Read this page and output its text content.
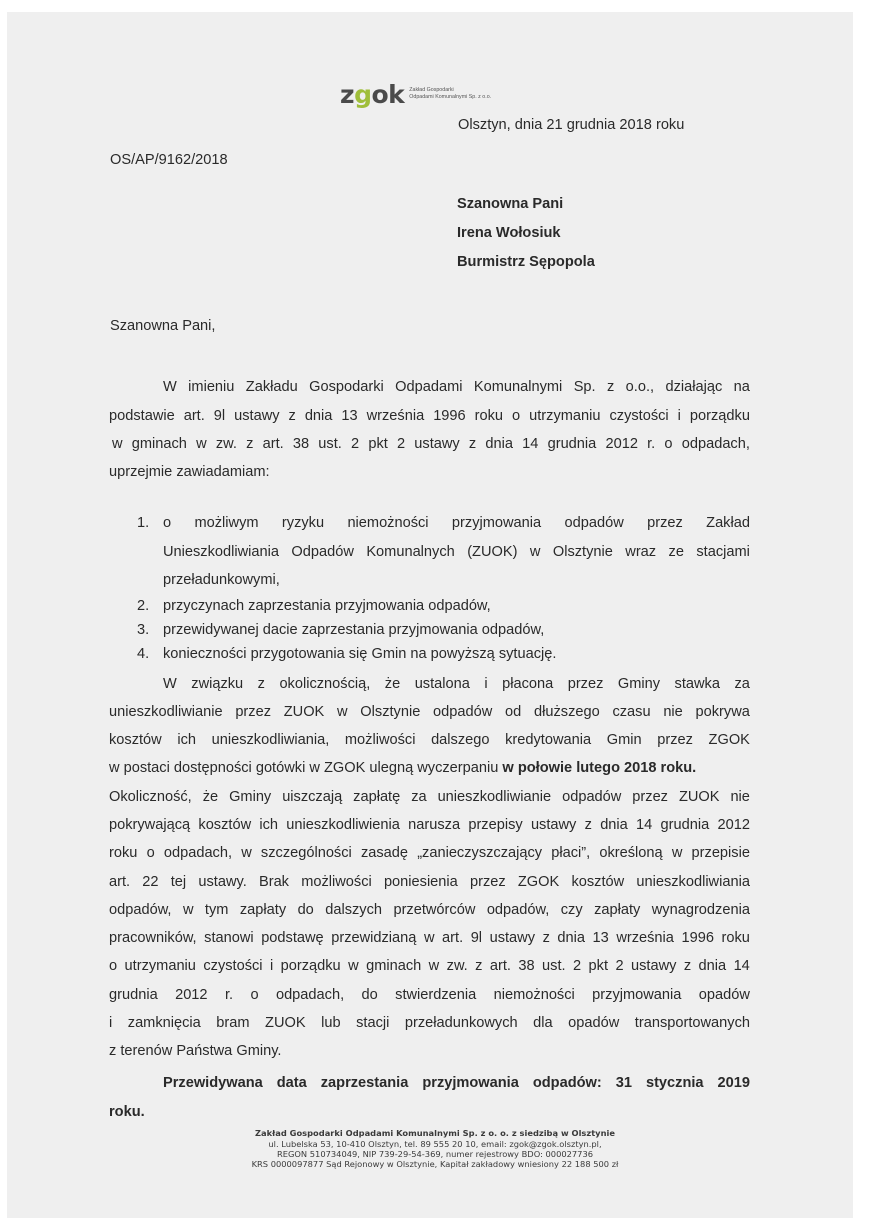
zgok Zakład Gospodarki
Odpadami Komunalnymi Sp. z o.o.
Olsztyn, dnia 21 grudnia 2018 roku
OS/AP/9162/2018
Szanowna Pani
Irena Wołosiuk
Burmistrz Sępopola
Szanowna Pani,
W imieniu Zakładu Gospodarki Odpadami Komunalnymi Sp. z o.o., działając na
podstawie art. 9l ustawy z dnia 13 września 1996 roku o utrzymaniu czystości i porządku
w gminach w zw. z art. 38 ust. 2 pkt 2 ustawy z dnia 14 grudnia 2012 r. o odpadach,
uprzejmie zawiadamiam:
1. o możliwym ryzyku niemożności przyjmowania odpadów przez Zakład
Unieszkodliwiania Odpadów Komunalnych (ZUOK) w Olsztynie wraz ze stacjami
przeładunkowymi,
2. przyczynach zaprzestania przyjmowania odpadów,
3. przewidywanej dacie zaprzestania przyjmowania odpadów,
4. konieczności przygotowania się Gmin na powyższą sytuację.
W związku z okolicznością, że ustalona i płacona przez Gminy stawka za
unieszkodliwianie przez ZUOK w Olsztynie odpadów od dłuższego czasu nie pokrywa
kosztów ich unieszkodliwiania, możliwości dalszego kredytowania Gmin przez ZGOK
w postaci dostępności gotówki w ZGOK ulegną wyczerpaniu w połowie lutego 2018 roku.
Okoliczność, że Gminy uiszczają zapłatę za unieszkodliwianie odpadów przez ZUOK nie
pokrywającą kosztów ich unieszkodliwienia narusza przepisy ustawy z dnia 14 grudnia 2012
roku o odpadach, w szczególności zasadę „zanieczyszczający płaci”, określoną w przepisie
art. 22 tej ustawy. Brak możliwości poniesienia przez ZGOK kosztów unieszkodliwiania
odpadów, w tym zapłaty do dalszych przetwórców odpadów, czy zapłaty wynagrodzenia
pracowników, stanowi podstawę przewidzianą w art. 9l ustawy z dnia 13 września 1996 roku
o utrzymaniu czystości i porządku w gminach w zw. z art. 38 ust. 2 pkt 2 ustawy z dnia 14
grudnia 2012 r. o odpadach, do stwierdzenia niemożności przyjmowania opadów
i zamknięcia bram ZUOK lub stacji przeładunkowych dla opadów transportowanych
z terenów Państwa Gminy.
Przewidywana data zaprzestania przyjmowania odpadów: 31 stycznia 2019
roku.
Zakład Gospodarki Odpadami Komunalnymi Sp. z o. o. z siedzibą w Olsztynie
ul. Lubelska 53, 10-410 Olsztyn, tel. 89 555 20 10, email: zgok@zgok.olsztyn.pl,
REGON 510734049, NIP 739-29-54-369, numer rejestrowy BDO: 000027736
KRS 0000097877 Sąd Rejonowy w Olsztynie, Kapitał zakładowy wniesiony 22 188 500 zł
